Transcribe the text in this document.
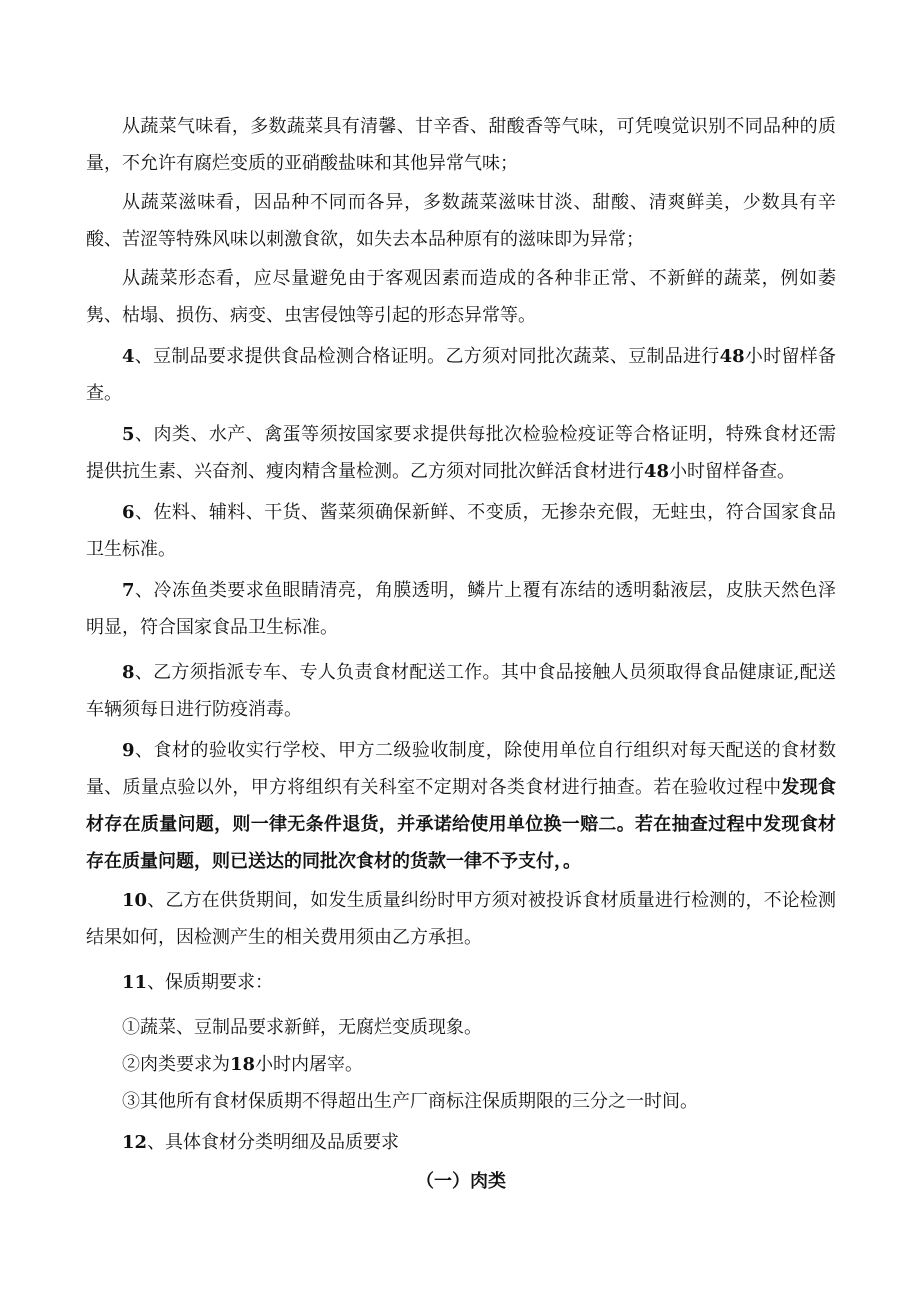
从蔬菜气味看，多数蔬菜具有清馨、甘辛香、甜酸香等气味，可凭嗅觉识别不同品种的质量，不允许有腐烂变质的亚硝酸盐味和其他异常气味；

从蔬菜滋味看，因品种不同而各异，多数蔬菜滋味甘淡、甜酸、清爽鲜美，少数具有辛酸、苦涩等特殊风味以刺激食欲，如失去本品种原有的滋味即为异常；

从蔬菜形态看，应尽量避免由于客观因素而造成的各种非正常、不新鲜的蔬菜，例如萎隽、枯塌、损伤、病变、虫害侵蚀等引起的形态异常等。

4、豆制品要求提供食品检测合格证明。乙方须对同批次蔬菜、豆制品进行48小时留样备查。

5、肉类、水产、禽蛋等须按国家要求提供每批次检验检疫证等合格证明，特殊食材还需提供抗生素、兴奋剂、瘦肉精含量检测。乙方须对同批次鲜活食材进行48小时留样备查。

6、佐料、辅料、干货、酱菜须确保新鲜、不变质，无掺杂充假，无蛀虫，符合国家食品卫生标准。

7、冷冻鱼类要求鱼眼睛清亮，角膜透明，鳞片上覆有冻结的透明黏液层，皮肤天然色泽明显，符合国家食品卫生标准。

8、乙方须指派专车、专人负责食材配送工作。其中食品接触人员须取得食品健康证,配送车辆须每日进行防疫消毒。

9、食材的验收实行学校、甲方二级验收制度，除使用单位自行组织对每天配送的食材数量、质量点验以外，甲方将组织有关科室不定期对各类食材进行抽查。若在验收过程中发现食材存在质量问题，则一律无条件退货，并承诺给使用单位换一赔二。若在抽查过程中发现食材存在质量问题，则已送达的同批次食材的货款一律不予支付，。

10、乙方在供货期间，如发生质量纠纷时甲方须对被投诉食材质量进行检测的，不论检测结果如何，因检测产生的相关费用须由乙方承担。

11、保质期要求：

①蔬菜、豆制品要求新鲜，无腐烂变质现象。

②肉类要求为18小时内屠宰。

③其他所有食材保质期不得超出生产厂商标注保质期限的三分之一时间。

12、具体食材分类明细及品质要求

（一）肉类
